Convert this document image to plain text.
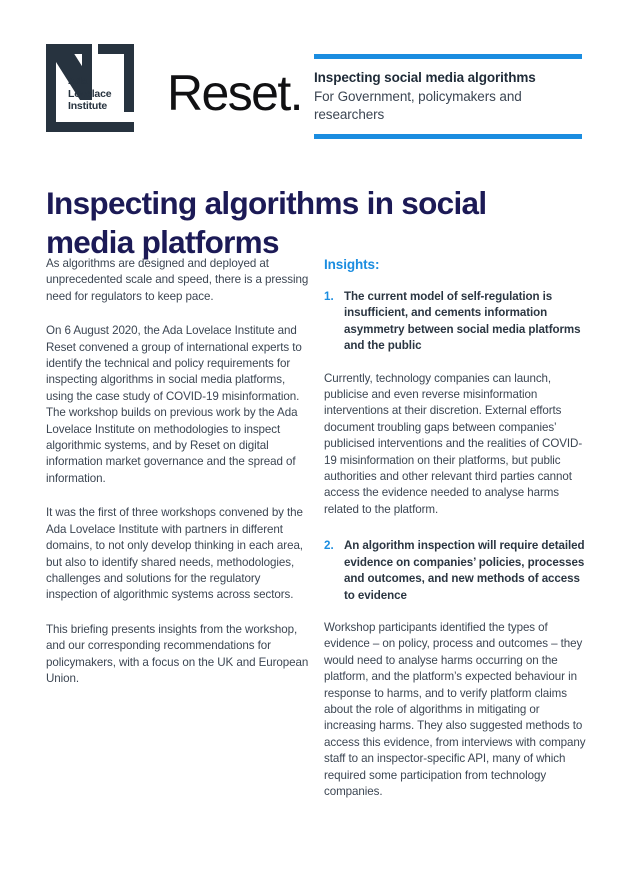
Ada
Lovelace
Institute Reset. Inspecting social media algorithms
For Government, policymakers and researchers
Inspecting algorithms in social media platforms

As algorithms are designed and deployed at unprecedented scale and speed, there is a pressing need for regulators to keep pace.

On 6 August 2020, the Ada Lovelace Institute and Reset convened a group of international experts to identify the technical and policy requirements for inspecting algorithms in social media platforms, using the case study of COVID-19 misinformation. The workshop builds on previous work by the Ada Lovelace Institute on methodologies to inspect algorithmic systems, and by Reset on digital information market governance and the spread of information.

It was the first of three workshops convened by the Ada Lovelace Institute with partners in different domains, to not only develop thinking in each area, but also to identify shared needs, methodologies, challenges and solutions for the regulatory inspection of algorithmic systems across sectors.

This briefing presents insights from the workshop, and our corresponding recommendations for policymakers, with a focus on the UK and European Union.

Insights:
1. The current model of self-regulation is insufficient, and cements information asymmetry between social media platforms and the public

Currently, technology companies can launch, publicise and even reverse misinformation interventions at their discretion. External efforts document troubling gaps between companies’ publicised interventions and the realities of COVID-19 misinformation on their platforms, but public authorities and other relevant third parties cannot access the evidence needed to analyse harms related to the platform.

2. An algorithm inspection will require detailed evidence on companies’ policies, processes and outcomes, and new methods of access to evidence

Workshop participants identified the types of evidence – on policy, process and outcomes – they would need to analyse harms occurring on the platform, and the platform’s expected behaviour in response to harms, and to verify platform claims about the role of algorithms in mitigating or increasing harms. They also suggested methods to access this evidence, from interviews with company staff to an inspector-specific API, many of which required some participation from technology companies.
